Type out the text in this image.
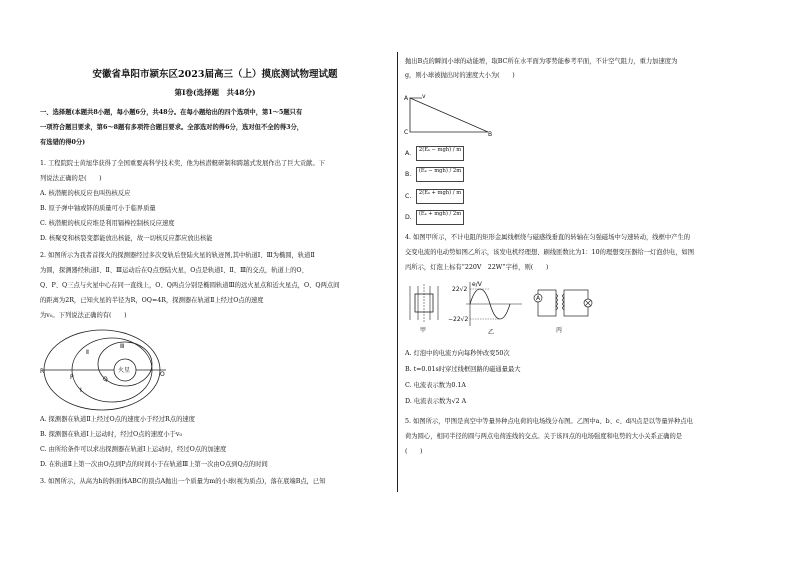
安徽省阜阳市颍东区2023届高三（上）摸底测试物理试题
第Ⅰ卷(选择题　共48分)

一、选择题(本题共8小题，每小题6分，共48分。在每小题给出的四个选项中，第1～5题只有

一项符合题目要求，第6～8题有多项符合题目要求。全部选对的得6分，选对但不全的得3分，

有选错的得0分)

1. 工程院院士黄旭华获得了全国重要高科学技术奖，他为核潜艇研制和跨越式发展作出了巨大贡献。下

列说法正确的是(　　)

A. 核潜艇的核反应也叫热核反应

B. 原子弹中铀或钚的质量可小于临界质量

C. 核潜艇的核反应堆是利用镉棒控制核反应速度

D. 核聚变和核裂变都能放出核能，故一切核反应都应放出核能

2. 如图所示为我者首探火的探测器经过多次变轨后登陆火星的轨迹图,其中轨道Ⅰ、Ⅲ为椭圆，轨道Ⅱ

为圆，探测器经轨道Ⅰ、Ⅱ、Ⅲ运动后在Q点登陆火星，O点是轨道Ⅰ、Ⅱ、Ⅲ的交点，轨道上的O、

Q、P、Q三点与火星中心在同一直线上，O、Q两点分别是椭圆轨道Ⅲ的远火星点和近火星点，O、Q两点间

的距离为2R，已知火星的半径为R，OQ=4R，探测器在轨道Ⅱ上经过O点的速度

为v₀。下列说法正确的有(　　)

火星
R
P	Q
O
Ⅰ
Ⅱ
Ⅲ

A. 探测器在轨道Ⅱ上经过O点的速度小于经过R点的速度

B. 探测器在轨道Ⅰ上运动时，经过O点的速度小于v₀

C. 由所给条件可以求出探测器在轨道Ⅰ上运动时，经过O点的加速度

D. 在轨道Ⅱ上第一次由O点到P点的时间小于在轨道Ⅲ上第一次由O点到Q点的时间

3. 如图所示，从高为h的斜面体ABC的顶点A抛出一个质量为m的小球(视为质点)，落在底端B点，已知

抛出B点的瞬间小球的动能增，取BC所在水平面为零势能参考平面，不计空气阻力，重力加速度为

g，则小球被抛出时的速度大小为(　　)

v
A
C	B
A.	2(Eₖ − mgh) / m
B.	(Eₖ − mgh) / 2m
C.	2(Eₖ + mgh) / m
D.	(Eₖ + mgh) / 2m

4. 如图甲所示，不计电阻的矩形金属线框绕与磁感线垂直的转轴在匀强磁场中匀速转动，线框中产生的

交变电流的电动势如图乙所示，该发电机经理想、刷线匝数比为1：10的理想变压器给一灯泡供电，如图

丙所示，灯泡上标有“220V　22W”字样，则(　　)

甲
22√2
−22√2
e/V
乙
A
丙

A. 灯泡中的电流方向每秒钟改变50次

B. t=0.01s时穿过线框回路的磁通量最大

C. 电流表示数为0.1A

D. 电流表示数为√2 A

5. 如图所示，甲图是真空中等量异种点电荷的电场线分布图。乙图中a、b、c、d四点是以等量异种点电

荷为圆心，相同半径的圆与两点电荷连线的交点。关于该四点的电场强度和电势的大小关系正确的是

(　　)
